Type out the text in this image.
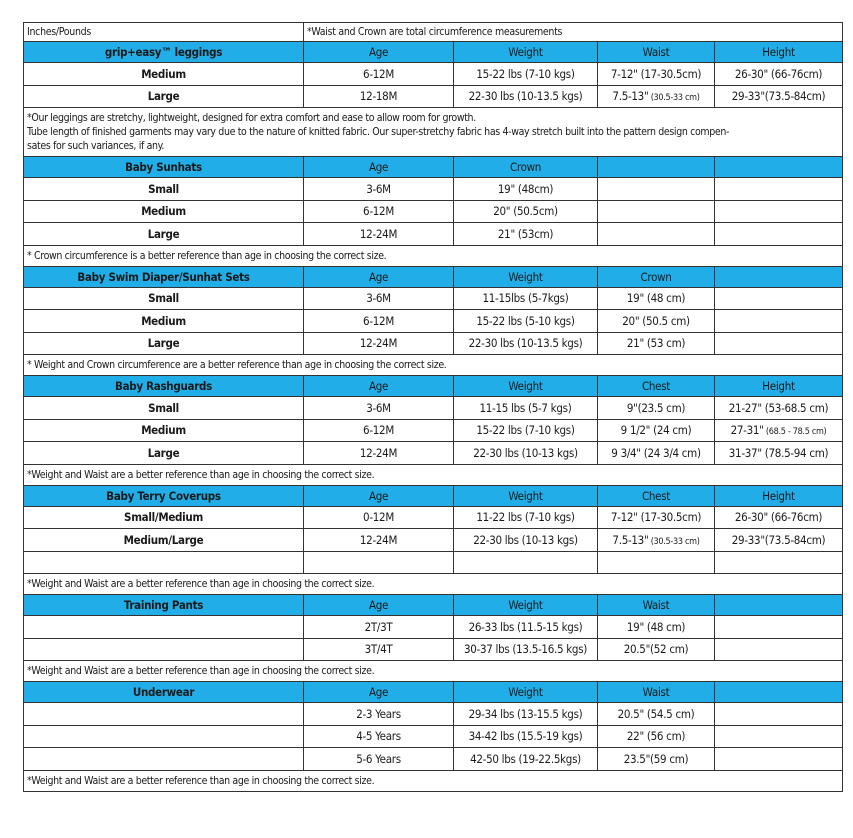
Inches/Pounds	*Waist and Crown are total circumference measurements			
grip+easy™ leggings	Age	Weight	Waist	Height
Medium	6-12M	15-22 lbs (7-10 kgs)	7-12" (17-30.5cm)	26-30" (66-76cm)
Large	12-18M	22-30 lbs (10-13.5 kgs)	7.5-13" (30.5-33 cm)	29-33"(73.5-84cm)

*Our leggings are stretchy, lightweight, designed for extra comfort and ease to allow room for growth.
Tube length of finished garments may vary due to the nature of knitted fabric. Our super-stretchy fabric has 4-way stretch built into the pattern design compen-
sates for such variances, if any.				

Baby Sunhats	Age	Crown		
Small	3-6M	19" (48cm)		
Medium	6-12M	20" (50.5cm)		
Large	12-24M	21" (53cm)		
* Crown circumference is a better reference than age in choosing the correct size.				
Baby Swim Diaper/Sunhat Sets	Age	Weight	Crown	
Small	3-6M	11-15lbs (5-7kgs)	19" (48 cm)	
Medium	6-12M	15-22 lbs (5-10 kgs)	20" (50.5 cm)	
Large	12-24M	22-30 lbs (10-13.5 kgs)	21" (53 cm)	
* Weight and Crown circumference are a better reference than age in choosing the correct size.				
Baby Rashguards	Age	Weight	Chest	Height
Small	3-6M	11-15 lbs (5-7 kgs)	9"(23.5 cm)	21-27" (53-68.5 cm)
Medium	6-12M	15-22 lbs (7-10 kgs)	9 1/2" (24 cm)	27-31" (68.5 - 78.5 cm)
Large	12-24M	22-30 lbs (10-13 kgs)	9 3/4" (24 3/4 cm)	31-37" (78.5-94 cm)
*Weight and Waist are a better reference than age in choosing the correct size.				
Baby Terry Coverups	Age	Weight	Chest	Height
Small/Medium	0-12M	11-22 lbs (7-10 kgs)	7-12" (17-30.5cm)	26-30" (66-76cm)
Medium/Large	12-24M	22-30 lbs (10-13 kgs)	7.5-13" (30.5-33 cm)	29-33"(73.5-84cm)

*Weight and Waist are a better reference than age in choosing the correct size.				
Training Pants	Age	Weight	Waist	
	2T/3T	26-33 lbs (11.5-15 kgs)	19" (48 cm)	
	3T/4T	30-37 lbs (13.5-16.5 kgs)	20.5"(52 cm)	
*Weight and Waist are a better reference than age in choosing the correct size.				
Underwear	Age	Weight	Waist	
	2-3 Years	29-34 lbs (13-15.5 kgs)	20.5" (54.5 cm)	
	4-5 Years	34-42 lbs (15.5-19 kgs)	22" (56 cm)	
	5-6 Years	42-50 lbs (19-22.5kgs)	23.5"(59 cm)	
*Weight and Waist are a better reference than age in choosing the correct size.				
